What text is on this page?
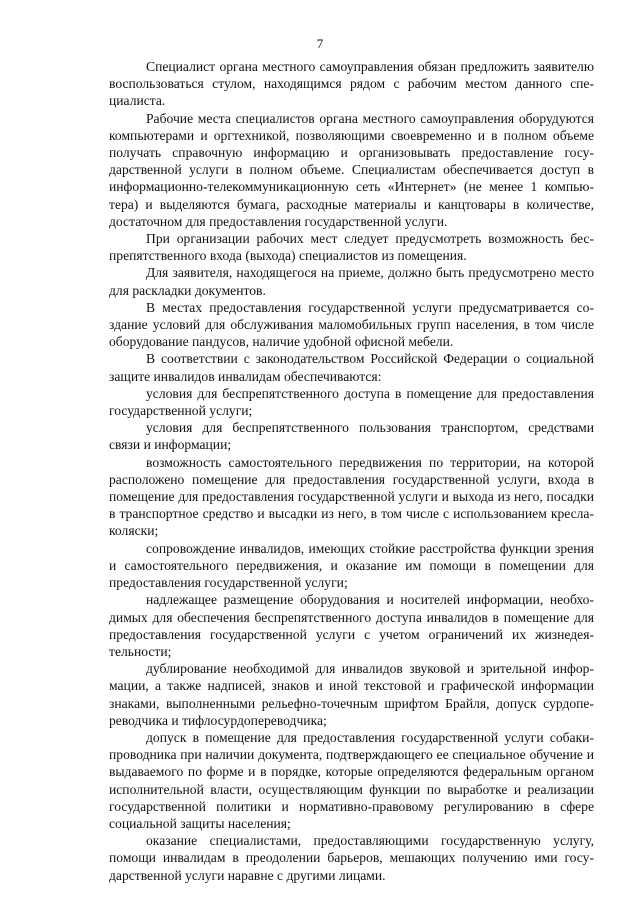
7

Специалист органа местного самоуправления обязан предложить заявителю воспользоваться стулом, находящимся рядом с рабочим местом данного специалиста.

Рабочие места специалистов органа местного самоуправления оборудуются компьютерами и оргтехникой, позволяющими своевременно и в полном объеме получать справочную информацию и организовывать предоставление государственной услуги в полном объеме. Специалистам обеспечивается доступ в информационно-телекоммуникационную сеть «Интернет» (не менее 1 компьютера) и выделяются бумага, расходные материалы и канцтовары в количестве, достаточном для предоставления государственной услуги.

При организации рабочих мест следует предусмотреть возможность беспрепятственного входа (выхода) специалистов из помещения.

Для заявителя, находящегося на приеме, должно быть предусмотрено место для раскладки документов.

В местах предоставления государственной услуги предусматривается создание условий для обслуживания маломобильных групп населения, в том числе оборудование пандусов, наличие удобной офисной мебели.

В соответствии с законодательством Российской Федерации о социальной защите инвалидов инвалидам обеспечиваются:

условия для беспрепятственного доступа в помещение для предоставления государственной услуги;

условия для беспрепятственного пользования транспортом, средствами связи и информации;

возможность самостоятельного передвижения по территории, на которой расположено помещение для предоставления государственной услуги, входа в помещение для предоставления государственной услуги и выхода из него, посадки в транспортное средство и высадки из него, в том числе с использованием кресла-коляски;

сопровождение инвалидов, имеющих стойкие расстройства функции зрения и самостоятельного передвижения, и оказание им помощи в помещении для предоставления государственной услуги;

надлежащее размещение оборудования и носителей информации, необходимых для обеспечения беспрепятственного доступа инвалидов в помещение для предоставления государственной услуги с учетом ограничений их жизнедеятельности;

дублирование необходимой для инвалидов звуковой и зрительной информации, а также надписей, знаков и иной текстовой и графической информации знаками, выполненными рельефно-точечным шрифтом Брайля, допуск сурдопереводчика и тифлосурдопереводчика;

допуск в помещение для предоставления государственной услуги собаки-проводника при наличии документа, подтверждающего ее специальное обучение и выдаваемого по форме и в порядке, которые определяются федеральным органом исполнительной власти, осуществляющим функции по выработке и реализации государственной политики и нормативно-правовому регулированию в сфере социальной защиты населения;

оказание специалистами, предоставляющими государственную услугу, помощи инвалидам в преодолении барьеров, мешающих получению ими государственной услуги наравне с другими лицами.
